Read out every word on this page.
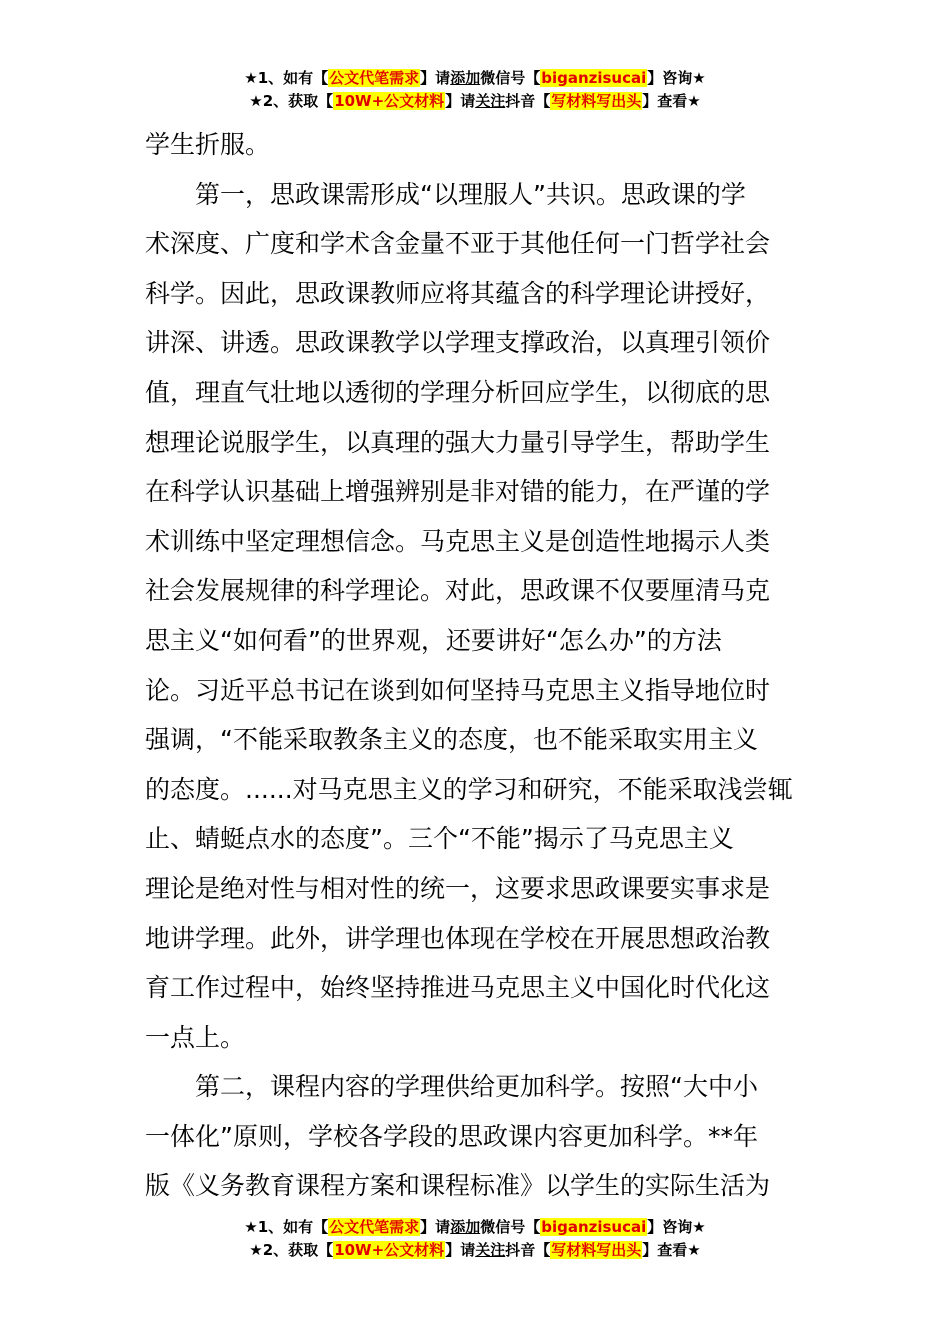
★1、如有【公文代笔需求】请添加微信号【biganzisucai】咨询★
★2、获取【10W+公文材料】请关注抖音【写材料写出头】查看★

学生折服。

第一，思政课需形成“以理服人”共识。思政课的学

术深度、广度和学术含金量不亚于其他任何一门哲学社会

科学。因此，思政课教师应将其蕴含的科学理论讲授好，

讲深、讲透。思政课教学以学理支撑政治，以真理引领价

值，理直气壮地以透彻的学理分析回应学生，以彻底的思

想理论说服学生，以真理的强大力量引导学生，帮助学生

在科学认识基础上增强辨别是非对错的能力，在严谨的学

术训练中坚定理想信念。马克思主义是创造性地揭示人类

社会发展规律的科学理论。对此，思政课不仅要厘清马克

思主义“如何看”的世界观，还要讲好“怎么办”的方法

论。习近平总书记在谈到如何坚持马克思主义指导地位时

强调，“不能采取教条主义的态度，也不能采取实用主义

的态度。......对马克思主义的学习和研究，不能采取浅尝辄

止、蜻蜓点水的态度”。三个“不能”揭示了马克思主义

理论是绝对性与相对性的统一，这要求思政课要实事求是

地讲学理。此外，讲学理也体现在学校在开展思想政治教

育工作过程中，始终坚持推进马克思主义中国化时代化这

一点上。

第二，课程内容的学理供给更加科学。按照“大中小

一体化”原则，学校各学段的思政课内容更加科学。**年

版《义务教育课程方案和课程标准》以学生的实际生活为

★1、如有【公文代笔需求】请添加微信号【biganzisucai】咨询★
★2、获取【10W+公文材料】请关注抖音【写材料写出头】查看★
